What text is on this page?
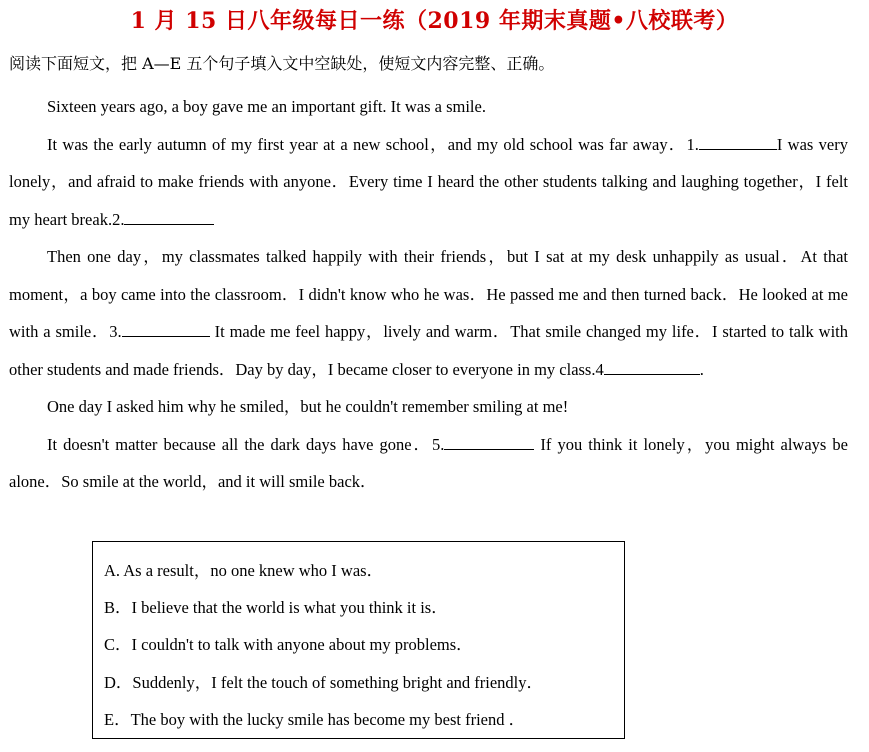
1 月 15 日八年级每日一练（2019 年期末真题•八校联考）
阅读下面短文，把 A—E 五个句子填入文中空缺处，使短文内容完整、正确。

Sixteen years ago, a boy gave me an important gift. It was a smile.

It was the early autumn of my first year at a new school，and my old school was far away．1.	I was very lonely，and afraid to make friends with anyone．Every time I heard the other students talking and laughing together，I felt my heart break.2.

Then one day，my classmates talked happily with their friends，but I sat at my desk unhappily as usual．At that moment，a boy came into the classroom．I didn't know who he was．He passed me and then turned back．He looked at me with a smile．3.	It made me feel happy，lively and warm．That smile changed my life．I started to talk with other students and made friends．Day by day，I became closer to everyone in my class.4	.

One day I asked him why he smiled，but he couldn't remember smiling at me!

It doesn't matter because all the dark days have gone．5.	If you think it lonely，you might always be alone．So smile at the world，and it will smile back．

A. As a result，no one knew who I was．
B．I believe that the world is what you think it is．
C．I couldn't to talk with anyone about my problems．
D．Suddenly，I felt the touch of something bright and friendly．
E．The boy with the lucky smile has become my best friend ．
